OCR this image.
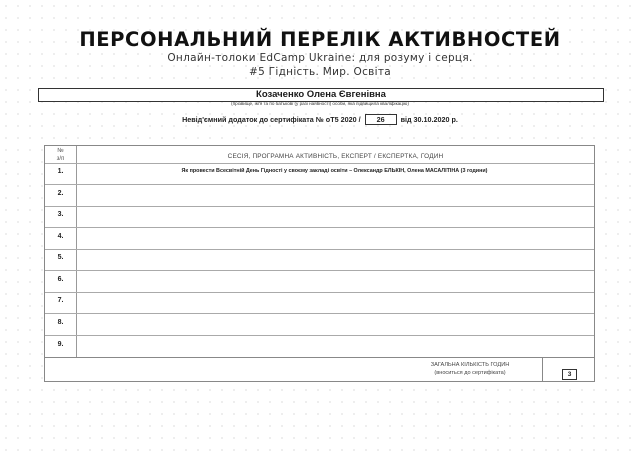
ПЕРСОНАЛЬНИЙ ПЕРЕЛІК АКТИВНОСТЕЙ
Онлайн-толоки EdCamp Ukraine: для розуму і серця.
#5 Гідність. Мир. Освіта
Козаченко Олена Євгенівна
(прізвище, ім'я та по батькові (у разі наявності) особи, яка підвищила кваліфікацію)
Невід'ємний додаток до сертифіката № оТ5 2020 / 26 від 30.10.2020 р.
№
з/п	СЕСІЯ, ПРОГРАМНА АКТИВНІСТЬ, ЕКСПЕРТ / ЕКСПЕРТКА, ГОДИН
1.	Як провести Всесвітній День Гідності у своєму закладі освіти – Олександр ЕЛЬКІН, Олена МАСАЛІТІНА (3 години)
2.
3.
4.
5.
6.
7.
8.
9.
ЗАГАЛЬНА КІЛЬКІСТЬ ГОДИН
(вноситься до сертифіката)	3
